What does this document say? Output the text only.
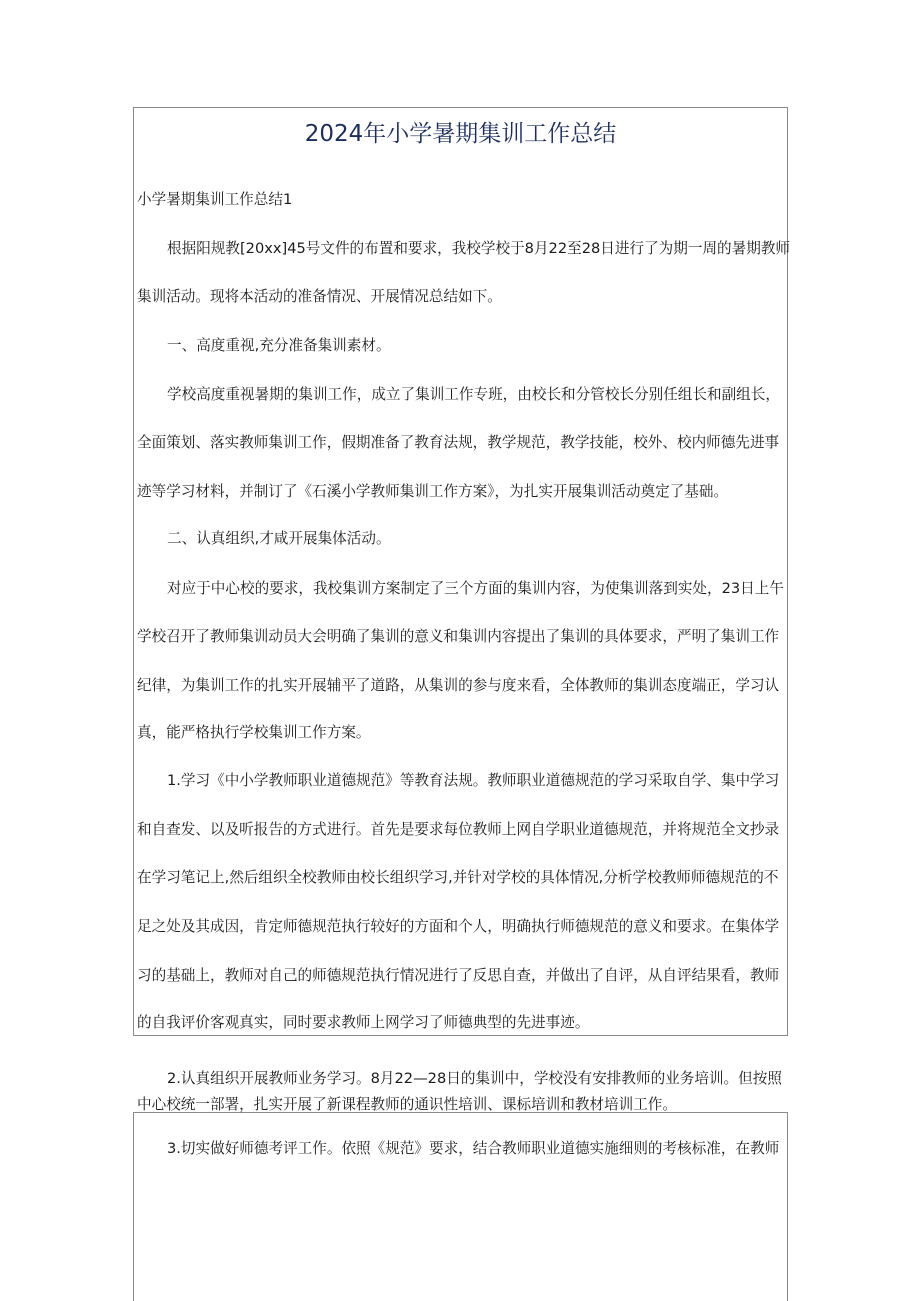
2024年小学暑期集训工作总结
小学暑期集训工作总结1
根据阳规教[20xx]45号文件的布置和要求，我校学校于8月22至28日进行了为期一周的暑期教师
集训活动。现将本活动的准备情况、开展情况总结如下。
一、高度重视,充分准备集训素材。
学校高度重视暑期的集训工作，成立了集训工作专班，由校长和分管校长分别任组长和副组长，
全面策划、落实教师集训工作，假期准备了教育法规，教学规范，教学技能，校外、校内师德先进事
迹等学习材料，并制订了《石溪小学教师集训工作方案》，为扎实开展集训活动奠定了基础。
二、认真组织,才咸开展集体活动。
对应于中心校的要求，我校集训方案制定了三个方面的集训内容，为使集训落到实处，23日上午
学校召开了教师集训动员大会明确了集训的意义和集训内容提出了集训的具体要求，严明了集训工作
纪律，为集训工作的扎实开展辅平了道路，从集训的参与度来看，全体教师的集训态度端正，学习认
真，能严格执行学校集训工作方案。
1.学习《中小学教师职业道德规范》等教育法规。教师职业道德规范的学习采取自学、集中学习
和自查发、以及听报告的方式进行。首先是要求每位教师上网自学职业道德规范，并将规范全文抄录
在学习笔记上,然后组织全校教师由校长组织学习,并针对学校的具体情况,分析学校教师师德规范的不
足之处及其成因，肯定师德规范执行较好的方面和个人，明确执行师德规范的意义和要求。在集体学
习的基础上，教师对自己的师德规范执行情况进行了反思自查，并做出了自评，从自评结果看，教师
的自我评价客观真实，同时要求教师上网学习了师德典型的先进事迹。
2.认真组织开展教师业务学习。8月22—28日的集训中，学校没有安排教师的业务培训。但按照
中心校统一部署，扎实开展了新课程教师的通识性培训、课标培训和教材培训工作。
3.切实做好师德考评工作。依照《规范》要求，结合教师职业道德实施细则的考核标准，在教师
